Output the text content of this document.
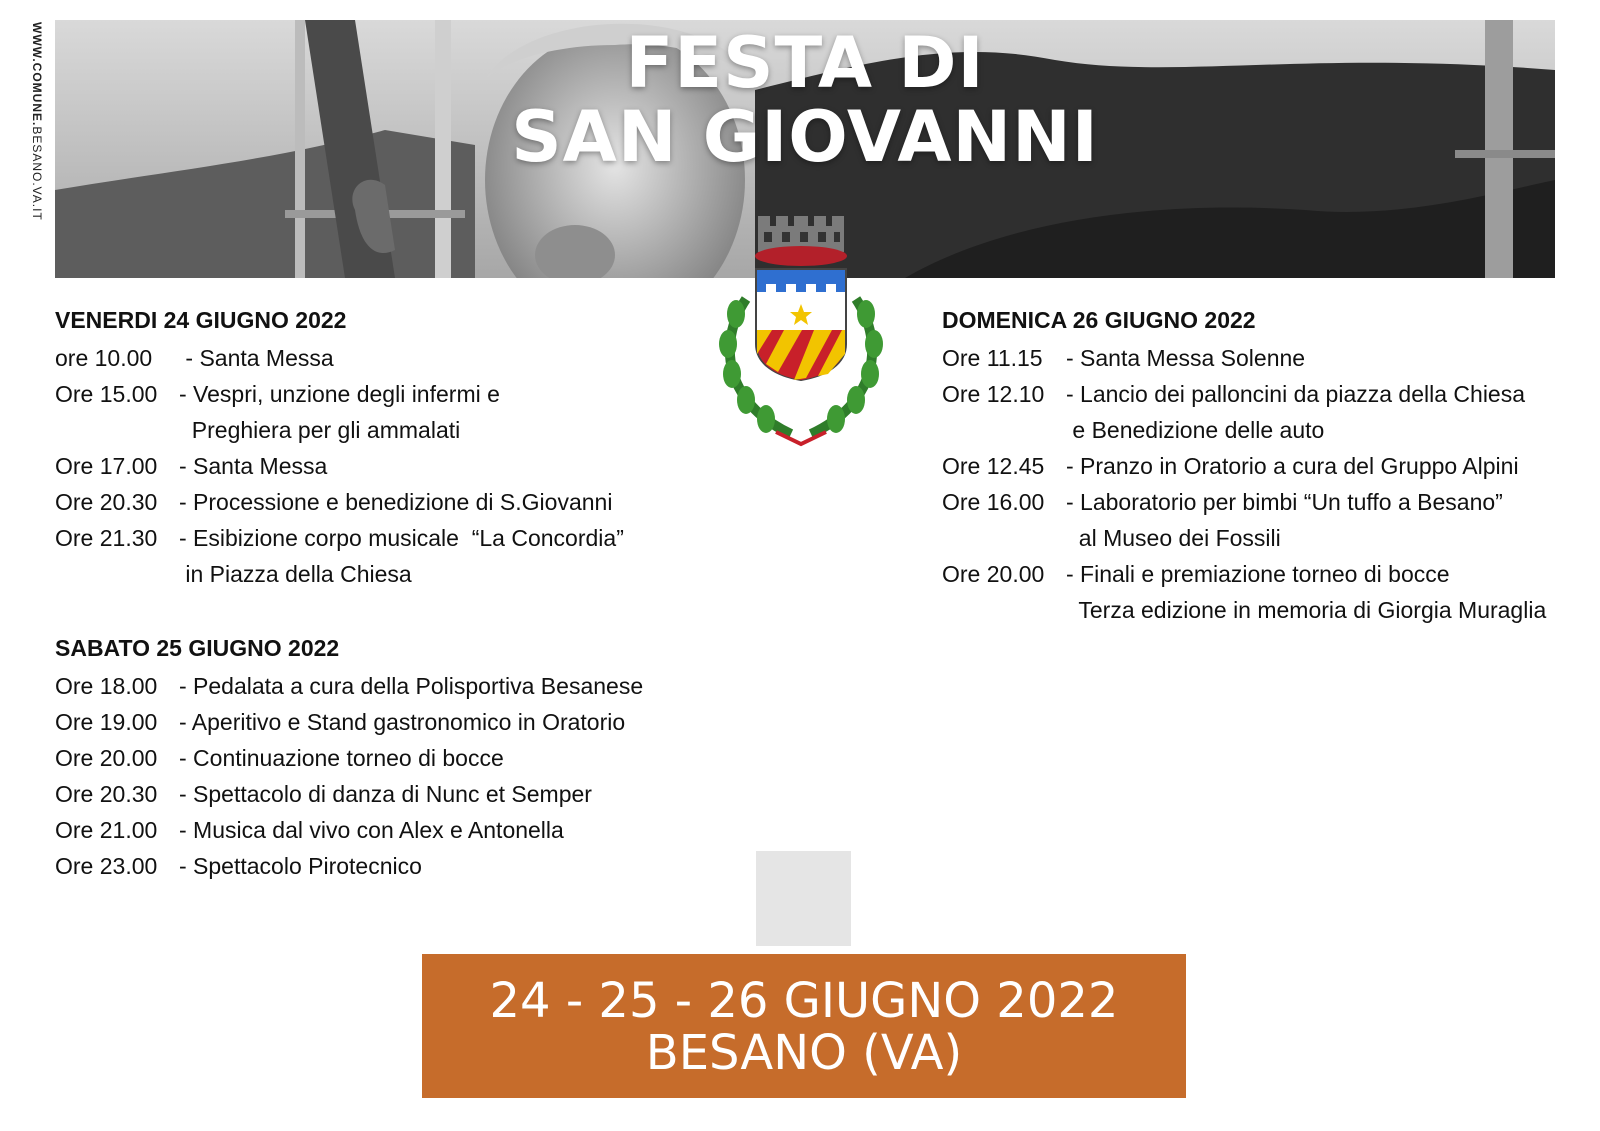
WWW.COMUNE.BESANO.VA.IT
FESTA DI
SAN GIOVANNI
VENERDI 24 GIUGNO 2022
ore 10.00	- Santa Messa
Ore 15.00 - Vespri, unzione degli infermi e
Preghiera per gli ammalati
Ore 17.00 - Santa Messa
Ore 20.30 - Processione e benedizione di S.Giovanni
Ore 21.30 - Esibizione corpo musicale  “La Concordia”
in Piazza della Chiesa
SABATO 25 GIUGNO 2022
Ore 18.00 - Pedalata a cura della Polisportiva Besanese
Ore 19.00 - Aperitivo e Stand gastronomico in Oratorio
Ore 20.00 - Continuazione torneo di bocce
Ore 20.30 - Spettacolo di danza di Nunc et Semper
Ore 21.00 - Musica dal vivo con Alex e Antonella
Ore 23.00 - Spettacolo Pirotecnico
DOMENICA 26 GIUGNO 2022
Ore 11.15	- Santa Messa Solenne
Ore 12.10 - Lancio dei palloncini da piazza della Chiesa
e Benedizione delle auto
Ore 12.45 - Pranzo in Oratorio a cura del Gruppo Alpini
Ore 16.00 - Laboratorio per bimbi “Un tuffo a Besano”
al Museo dei Fossili
Ore 20.00 - Finali e premiazione torneo di bocce
Terza edizione in memoria di Giorgia Muraglia
24 - 25 - 26 GIUGNO 2022
BESANO (VA)
